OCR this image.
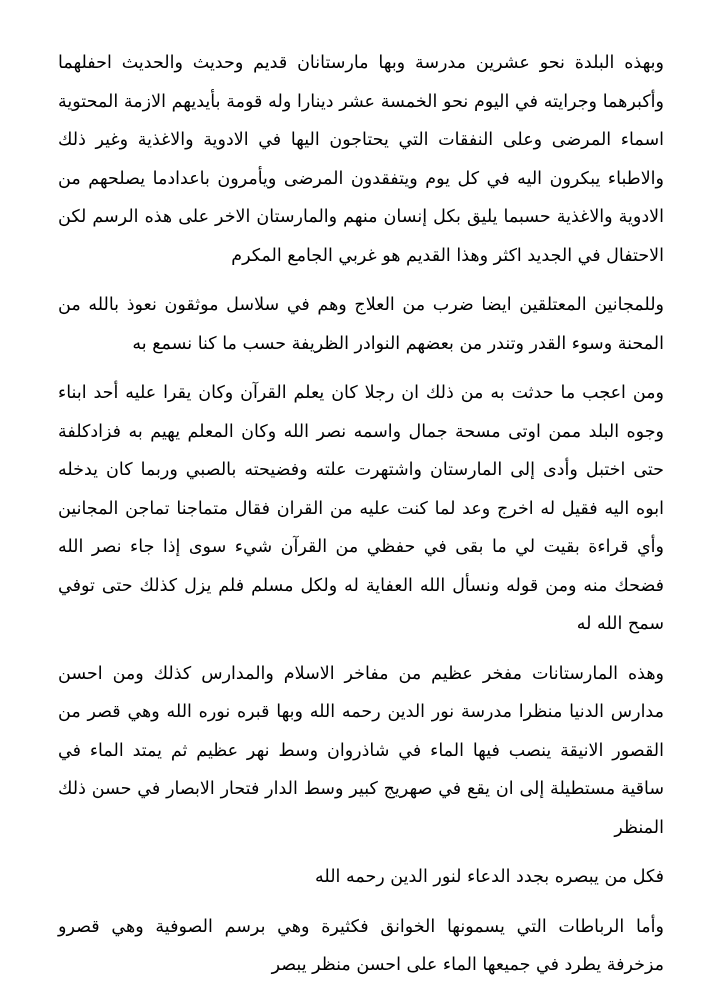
وبهذه البلدة نحو عشرين مدرسة وبها مارستانان قديم وحديث والحديث احفلهما وأكبرهما وجرايته في اليوم نحو الخمسة عشر دينارا وله قومة بأيديهم الازمة المحتوية اسماء المرضى وعلى النفقات التي يحتاجون اليها في الادوية والاغذية وغير ذلك والاطباء يبكرون اليه في كل يوم ويتفقدون المرضى ويأمرون باعدادما يصلحهم من الادوية والاغذية حسبما يليق بكل إنسان منهم والمارستان الاخر على هذه الرسم لكن الاحتفال في الجديد اكثر وهذا القديم هو غربي الجامع المكرم

وللمجانين المعتلقين ايضا ضرب من العلاج وهم في سلاسل موثقون نعوذ بالله من المحنة وسوء القدر وتندر من بعضهم النوادر الظريفة حسب ما كنا نسمع به

ومن اعجب ما حدثت به من ذلك ان رجلا كان يعلم القرآن وكان يقرا عليه أحد ابناء وجوه البلد ممن اوتى مسحة جمال واسمه نصر الله وكان المعلم يهيم به فزادكلفة حتى اختبل وأدى إلى المارستان واشتهرت علته وفضيحته بالصبي وربما كان يدخله ابوه اليه فقيل له اخرج وعد لما كنت عليه من القران فقال متماجنا تماجن المجانين وأي قراءة بقيت لي ما بقى في حفظي من القرآن شيء سوى إذا جاء نصر الله فضحك منه ومن قوله ونسأل الله العفاية له ولكل مسلم فلم يزل كذلك حتى توفي سمح الله له

وهذه المارستانات مفخر عظيم من مفاخر الاسلام والمدارس كذلك ومن احسن مدارس الدنيا منظرا مدرسة نور الدين رحمه الله وبها قبره نوره الله وهي قصر من القصور الانيقة ينصب فيها الماء في شاذروان وسط نهر عظيم ثم يمتد الماء في ساقية مستطيلة إلى ان يقع في صهريج كبير وسط الدار فتحار الابصار في حسن ذلك المنظر

فكل من يبصره بجدد الدعاء لنور الدين رحمه الله

وأما الرباطات التي يسمونها الخوانق فكثيرة وهي برسم الصوفية وهي قصرو مزخرفة يطرد في جميعها الماء على احسن منظر يبصر
